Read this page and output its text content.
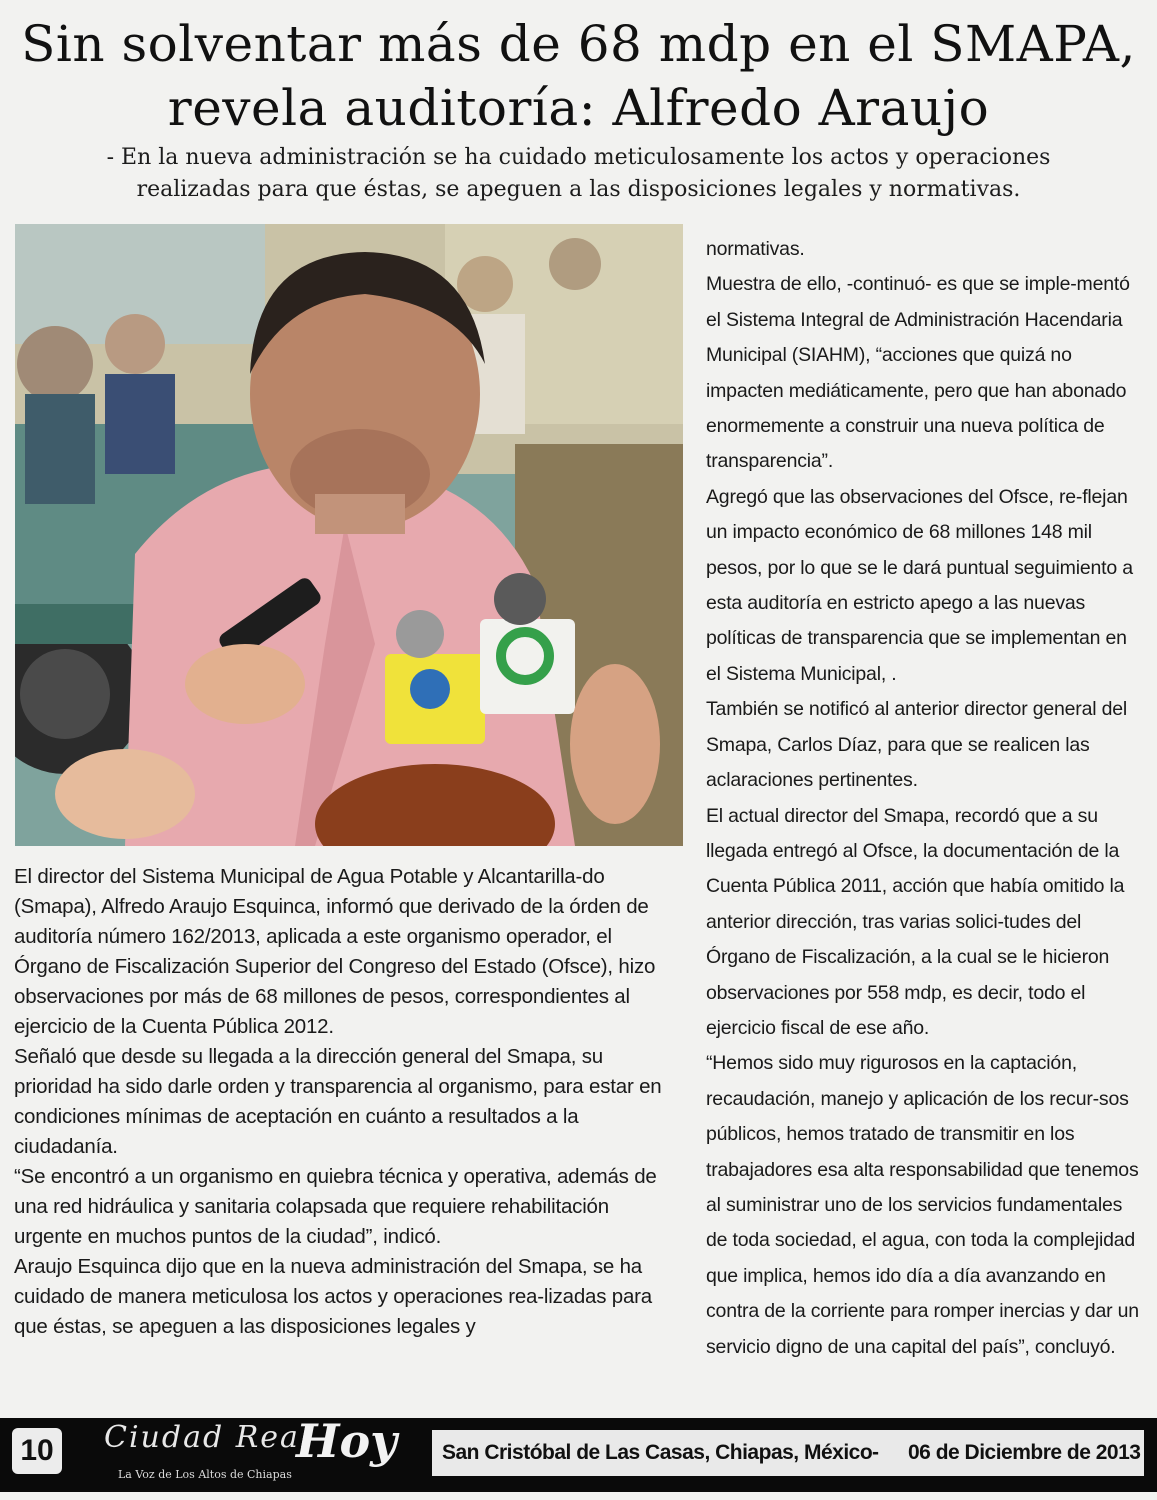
Sin solventar más de 68 mdp en el SMAPA,
revela auditoría: Alfredo Araujo
- En la nueva administración se ha cuidado meticulosamente los actos y operaciones
realizadas para que éstas, se apeguen a las disposiciones legales y normativas.

El director del Sistema Municipal de Agua Potable y Alcantarilla-do (Smapa), Alfredo Araujo Esquinca, informó que derivado de la órden de auditoría número 162/2013, aplicada a este organismo operador, el Órgano de Fiscalización Superior del Congreso del Estado (Ofsce), hizo observaciones por más de 68 millones de pesos, correspondientes al ejercicio de la Cuenta Pública 2012.

Señaló que desde su llegada a la dirección general del Smapa, su prioridad ha sido darle orden y transparencia al organismo, para estar en condiciones mínimas de aceptación en cuánto a resultados a la ciudadanía.

“Se encontró a un organismo en quiebra técnica y operativa, además de una red hidráulica y sanitaria colapsada que requiere rehabilitación urgente en muchos puntos de la ciudad”, indicó.

Araujo Esquinca dijo que en la nueva administración del Smapa, se ha cuidado de manera meticulosa los actos y operaciones rea-lizadas para que éstas, se apeguen a las disposiciones legales y

normativas.

Muestra de ello, -continuó- es que se imple-mentó el Sistema Integral de Administración Hacendaria Municipal (SIAHM), “acciones que quizá no impacten mediáticamente, pero que han abonado enormemente a construir una nueva política de transparencia”.

Agregó que las observaciones del Ofsce, re-flejan un impacto económico de 68 millones 148 mil pesos, por lo que se le dará puntual seguimiento a esta auditoría en estricto apego a las nuevas políticas de transparencia que se implementan en el Sistema Municipal, .

También se notificó al anterior director general del Smapa, Carlos Díaz, para que se realicen las aclaraciones pertinentes.

El actual director del Smapa, recordó que a su llegada entregó al Ofsce, la documentación de la Cuenta Pública 2011, acción que había omitido la anterior dirección, tras varias solici-tudes del Órgano de Fiscalización, a la cual se le hicieron observaciones por 558 mdp, es decir, todo el ejercicio fiscal de ese año.

“Hemos sido muy rigurosos en la captación, recaudación, manejo y aplicación de los recur-sos públicos, hemos tratado de transmitir en los trabajadores esa alta responsabilidad que tenemos al suministrar uno de los servicios fundamentales de toda sociedad, el agua, con toda la complejidad que implica, hemos ido día a día avanzando en contra de la corriente para romper inercias y dar un servicio digno de una capital del país”, concluyó.

10 Ciudad Real
Hoy
La Voz de Los Altos de Chiapas
San Cristóbal de Las Casas, Chiapas, México - 06 de Diciembre de 2013
